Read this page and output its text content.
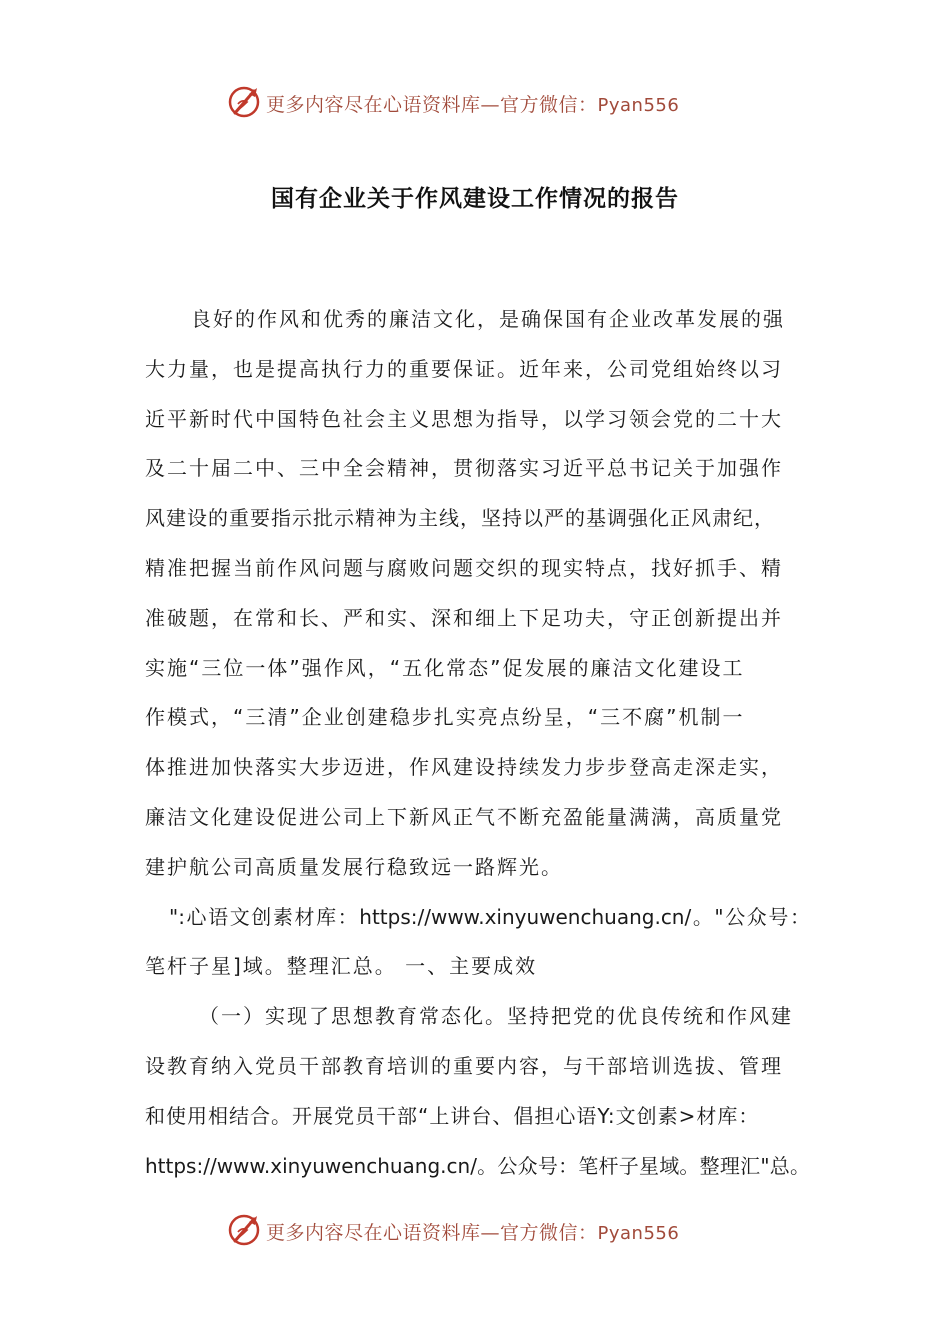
更多内容尽在心语资料库—官方微信：Pyan556
国有企业关于作风建设工作情况的报告
良好的作风和优秀的廉洁文化，是确保国有企业改革发展的强
大力量，也是提高执行力的重要保证。近年来，公司党组始终以习
近平新时代中国特色社会主义思想为指导，以学习领会党的二十大
及二十届二中、三中全会精神，贯彻落实习近平总书记关于加强作
风建设的重要指示批示精神为主线，坚持以严的基调强化正风肃纪，
精准把握当前作风问题与腐败问题交织的现实特点，找好抓手、精
准破题，在常和长、严和实、深和细上下足功夫，守正创新提出并
实施“三位一体”强作风，“五化常态”促发展的廉洁文化建设工
作模式，“三清”企业创建稳步扎实亮点纷呈，“三不腐”机制一
体推进加快落实大步迈进，作风建设持续发力步步登高走深走实，
廉洁文化建设促进公司上下新风正气不断充盈能量满满，高质量党
建护航公司高质量发展行稳致远一路辉光。
":心语文创素材库：https://www.xinyuwenchuang.cn/。"公众号：
笔杆子星]域。整理汇总。 一、主要成效
（一）实现了思想教育常态化。坚持把党的优良传统和作风建
设教育纳入党员干部教育培训的重要内容，与干部培训选拔、管理
和使用相结合。开展党员干部“上讲台、倡担心语Y:文创素>材库：
https://www.xinyuwenchuang.cn/。公众号：笔杆子星域。整理汇"总。
更多内容尽在心语资料库—官方微信：Pyan556
